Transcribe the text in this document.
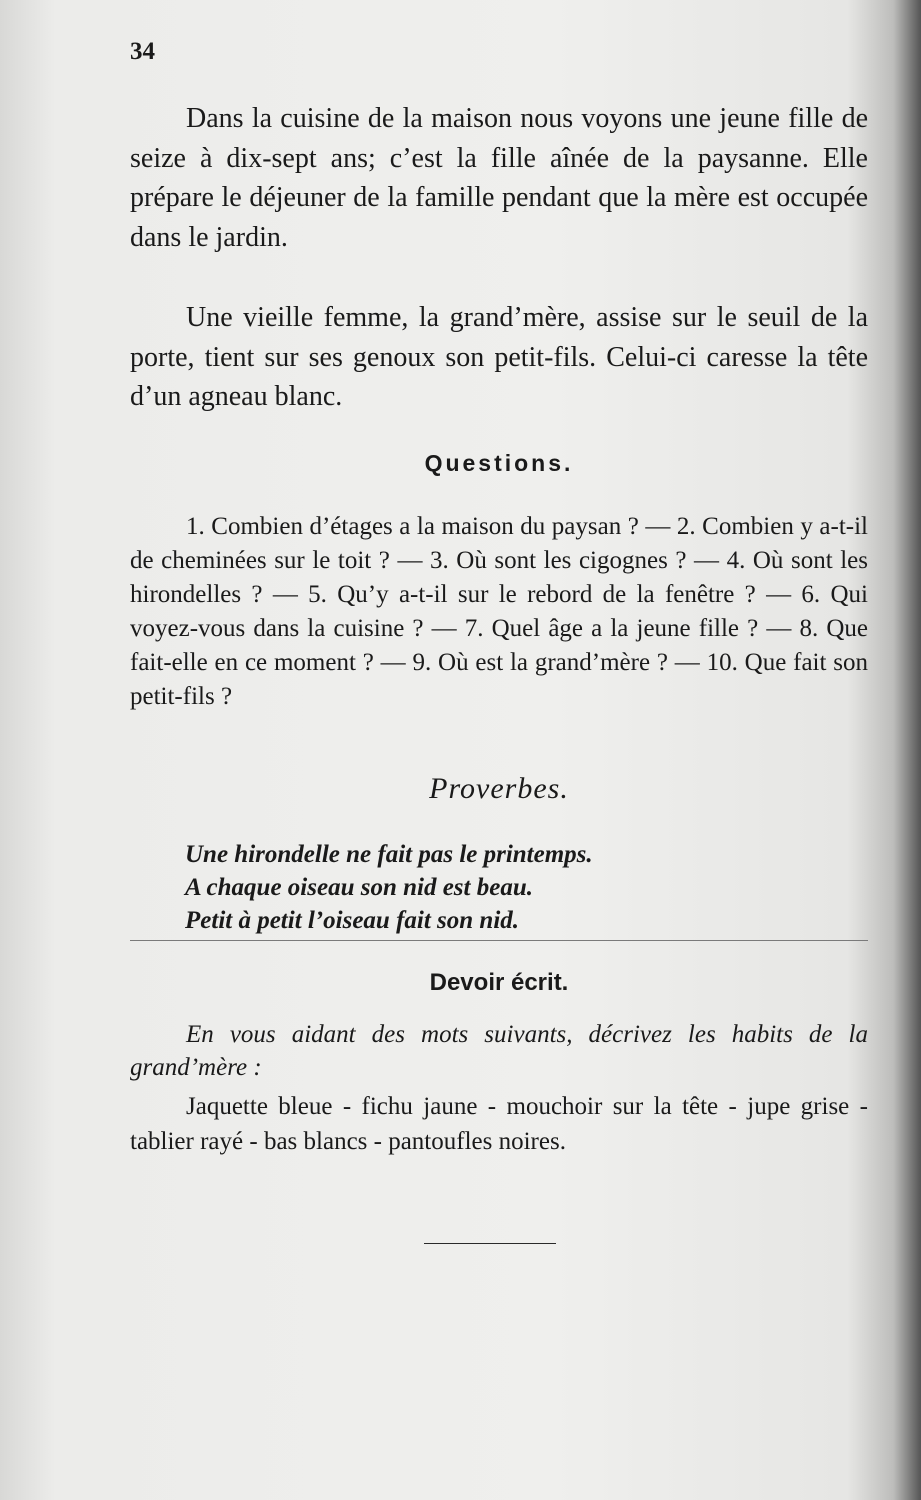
34

Dans la cuisine de la maison nous voyons une jeune fille de seize à dix-sept ans; c’est la fille aînée de la paysanne. Elle prépare le déjeuner de la famille pendant que la mère est occupée dans le jardin.

Une vieille femme, la grand’mère, assise sur le seuil de la porte, tient sur ses genoux son petit-fils. Celui-ci caresse la tête d’un agneau blanc.

Questions.

1. Combien d’étages a la maison du paysan ? — 2. Combien y a-t-il de cheminées sur le toit ? — 3. Où sont les cigognes ? — 4. Où sont les hirondelles ? — 5. Qu’y a-t-il sur le rebord de la fenêtre ? — 6. Qui voyez-vous dans la cuisine ? — 7. Quel âge a la jeune fille ? — 8. Que fait-elle en ce moment ? — 9. Où est la grand’mère ? — 10. Que fait son petit-fils ?

Proverbes.
Une hirondelle ne fait pas le printemps.
A chaque oiseau son nid est beau.
Petit à petit l’oiseau fait son nid.
Devoir écrit.

En vous aidant des mots suivants, décrivez les habits de la grand’mère :

Jaquette bleue - fichu jaune - mouchoir sur la tête - jupe grise - tablier rayé - bas blancs - pantoufles noires.
